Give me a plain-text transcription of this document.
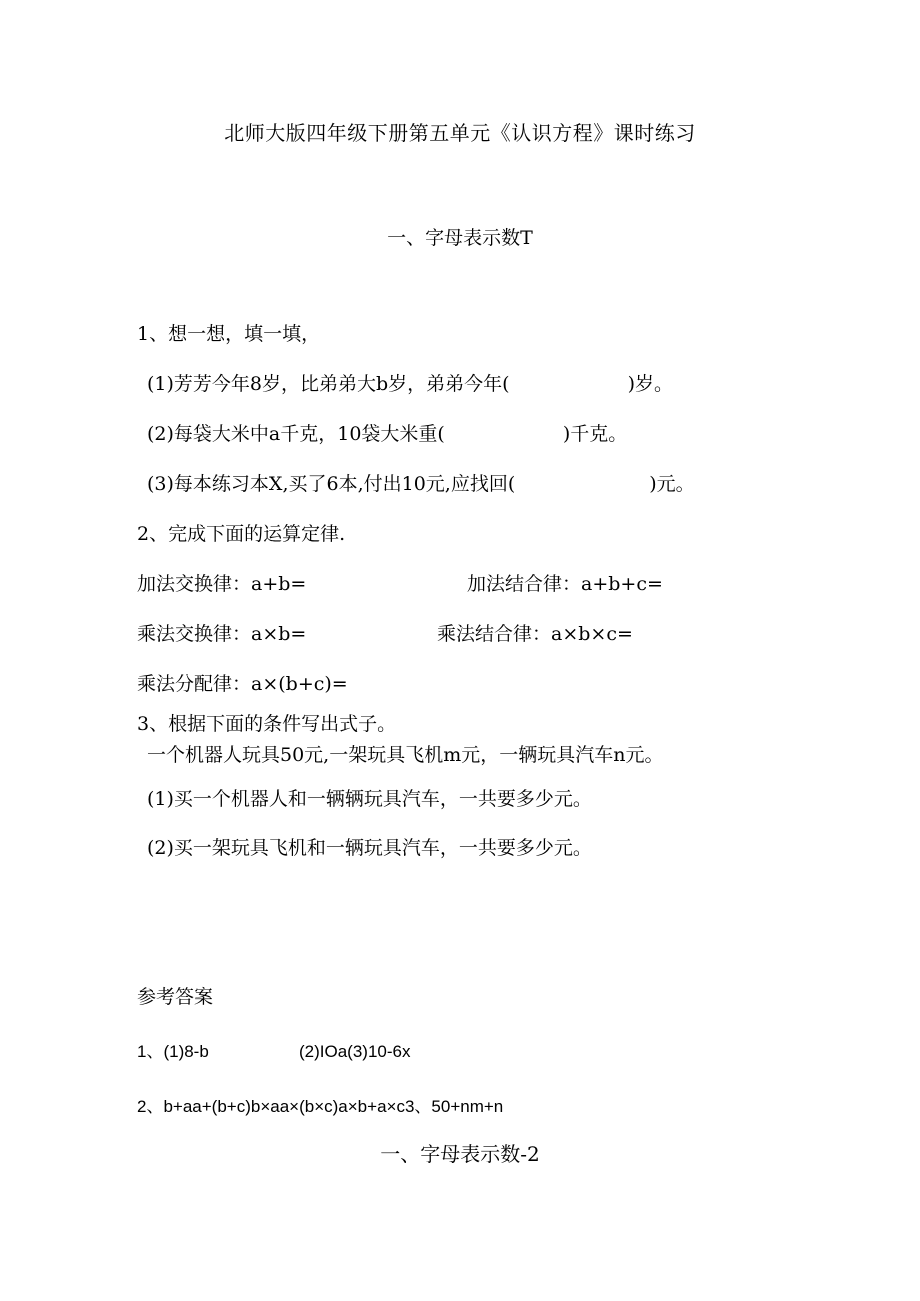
北师大版四年级下册第五单元《认识方程》课时练习
一、字母表示数T
1、想一想，填一填，
(1)芳芳今年8岁，比弟弟大b岁，弟弟今年(	)岁。
(2)每袋大米中a千克，10袋大米重(	)千克。
(3)每本练习本X,买了6本,付出10元,应找回(	)元。
2、完成下面的运算定律.
加法交换律：a+b=	加法结合律：a+b+c=
乘法交换律：a×b=	乘法结合律：a×b×c=
乘法分配律：a×(b+c)=
3、根据下面的条件写出式子。
一个机器人玩具50元,一架玩具飞机m元，一辆玩具汽车n元。
(1)买一个机器人和一辆辆玩具汽车，一共要多少元。
(2)买一架玩具飞机和一辆玩具汽车，一共要多少元。
参考答案
1、(1)8-b	(2)IOa(3)10-6x
2、b+aa+(b+c)b×aa×(b×c)a×b+a×c3、50+nm+n
一、字母表示数-2
